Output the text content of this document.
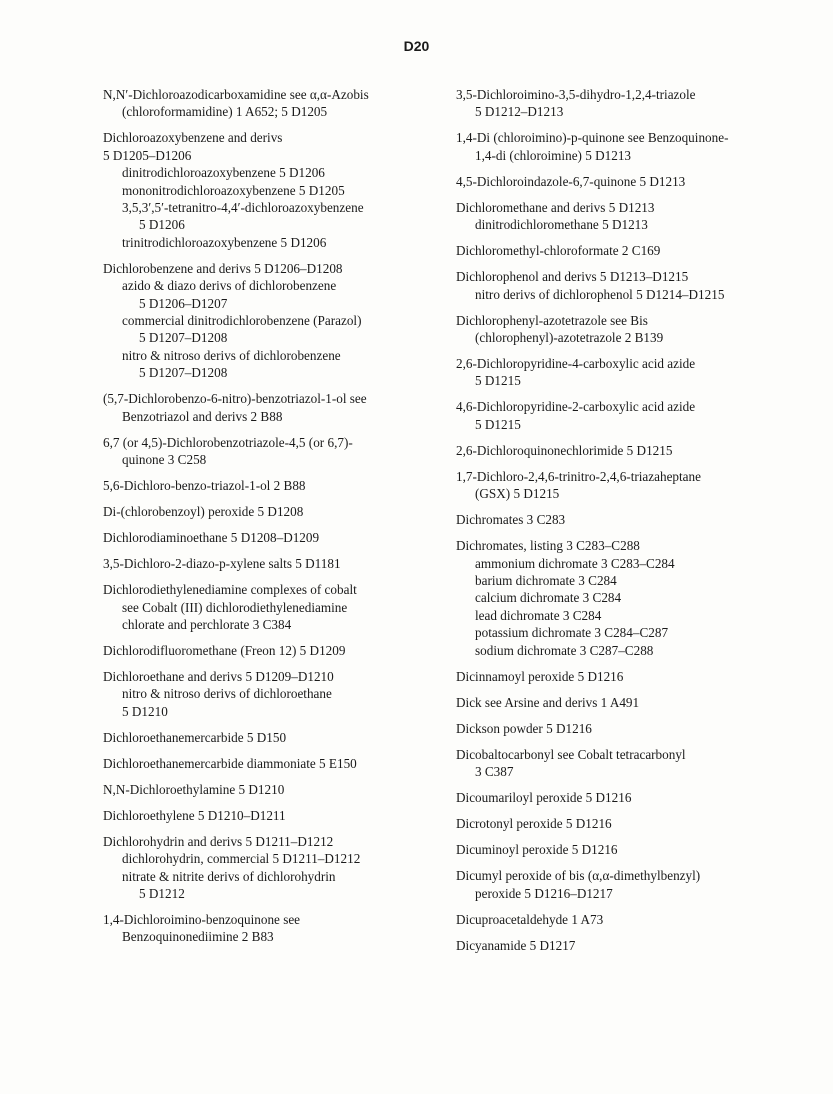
D20
N,N′-Dichloroazodicarboxamidine see α,α-Azobis
(chloroformamidine) 1 A652; 5 D1205
Dichloroazoxybenzene and derivs
5 D1205–D1206
dinitrodichloroazoxybenzene 5 D1206
mononitrodichloroazoxybenzene 5 D1205
3,5,3′,5′-tetranitro-4,4′-dichloroazoxybenzene
5 D1206
trinitrodichloroazoxybenzene 5 D1206
Dichlorobenzene and derivs 5 D1206–D1208
azido & diazo derivs of dichlorobenzene
5 D1206–D1207
commercial dinitrodichlorobenzene (Parazol)
5 D1207–D1208
nitro & nitroso derivs of dichlorobenzene
5 D1207–D1208
(5,7-Dichlorobenzo-6-nitro)-benzotriazol-1-ol see
Benzotriazol and derivs 2 B88
6,7 (or 4,5)-Dichlorobenzotriazole-4,5 (or 6,7)-
quinone 3 C258
5,6-Dichloro-benzo-triazol-1-ol 2 B88
Di-(chlorobenzoyl) peroxide 5 D1208
Dichlorodiaminoethane 5 D1208–D1209
3,5-Dichloro-2-diazo-p-xylene salts 5 D1181
Dichlorodiethylenediamine complexes of cobalt
see Cobalt (III) dichlorodiethylenediamine
chlorate and perchlorate 3 C384
Dichlorodifluoromethane (Freon 12) 5 D1209
Dichloroethane and derivs 5 D1209–D1210
nitro & nitroso derivs of dichloroethane
5 D1210
Dichloroethanemercarbide 5 D150
Dichloroethanemercarbide diammoniate 5 E150
N,N-Dichloroethylamine 5 D1210
Dichloroethylene 5 D1210–D1211
Dichlorohydrin and derivs 5 D1211–D1212
dichlorohydrin, commercial 5 D1211–D1212
nitrate & nitrite derivs of dichlorohydrin
5 D1212
1,4-Dichloroimino-benzoquinone see
Benzoquinonediimine 2 B83
3,5-Dichloroimino-3,5-dihydro-1,2,4-triazole
5 D1212–D1213
1,4-Di (chloroimino)-p-quinone see Benzoquinone-
1,4-di (chloroimine) 5 D1213
4,5-Dichloroindazole-6,7-quinone 5 D1213
Dichloromethane and derivs 5 D1213
dinitrodichloromethane 5 D1213
Dichloromethyl-chloroformate 2 C169
Dichlorophenol and derivs 5 D1213–D1215
nitro derivs of dichlorophenol 5 D1214–D1215
Dichlorophenyl-azotetrazole see Bis
(chlorophenyl)-azotetrazole 2 B139
2,6-Dichloropyridine-4-carboxylic acid azide
5 D1215
4,6-Dichloropyridine-2-carboxylic acid azide
5 D1215
2,6-Dichloroquinonechlorimide 5 D1215
1,7-Dichloro-2,4,6-trinitro-2,4,6-triazaheptane
(GSX) 5 D1215
Dichromates 3 C283
Dichromates, listing 3 C283–C288
ammonium dichromate 3 C283–C284
barium dichromate 3 C284
calcium dichromate 3 C284
lead dichromate 3 C284
potassium dichromate 3 C284–C287
sodium dichromate 3 C287–C288
Dicinnamoyl peroxide 5 D1216
Dick see Arsine and derivs 1 A491
Dickson powder 5 D1216
Dicobaltocarbonyl see Cobalt tetracarbonyl
3 C387
Dicoumariloyl peroxide 5 D1216
Dicrotonyl peroxide 5 D1216
Dicuminoyl peroxide 5 D1216
Dicumyl peroxide of bis (α,α-dimethylbenzyl)
peroxide 5 D1216–D1217
Dicuproacetaldehyde 1 A73
Dicyanamide 5 D1217
